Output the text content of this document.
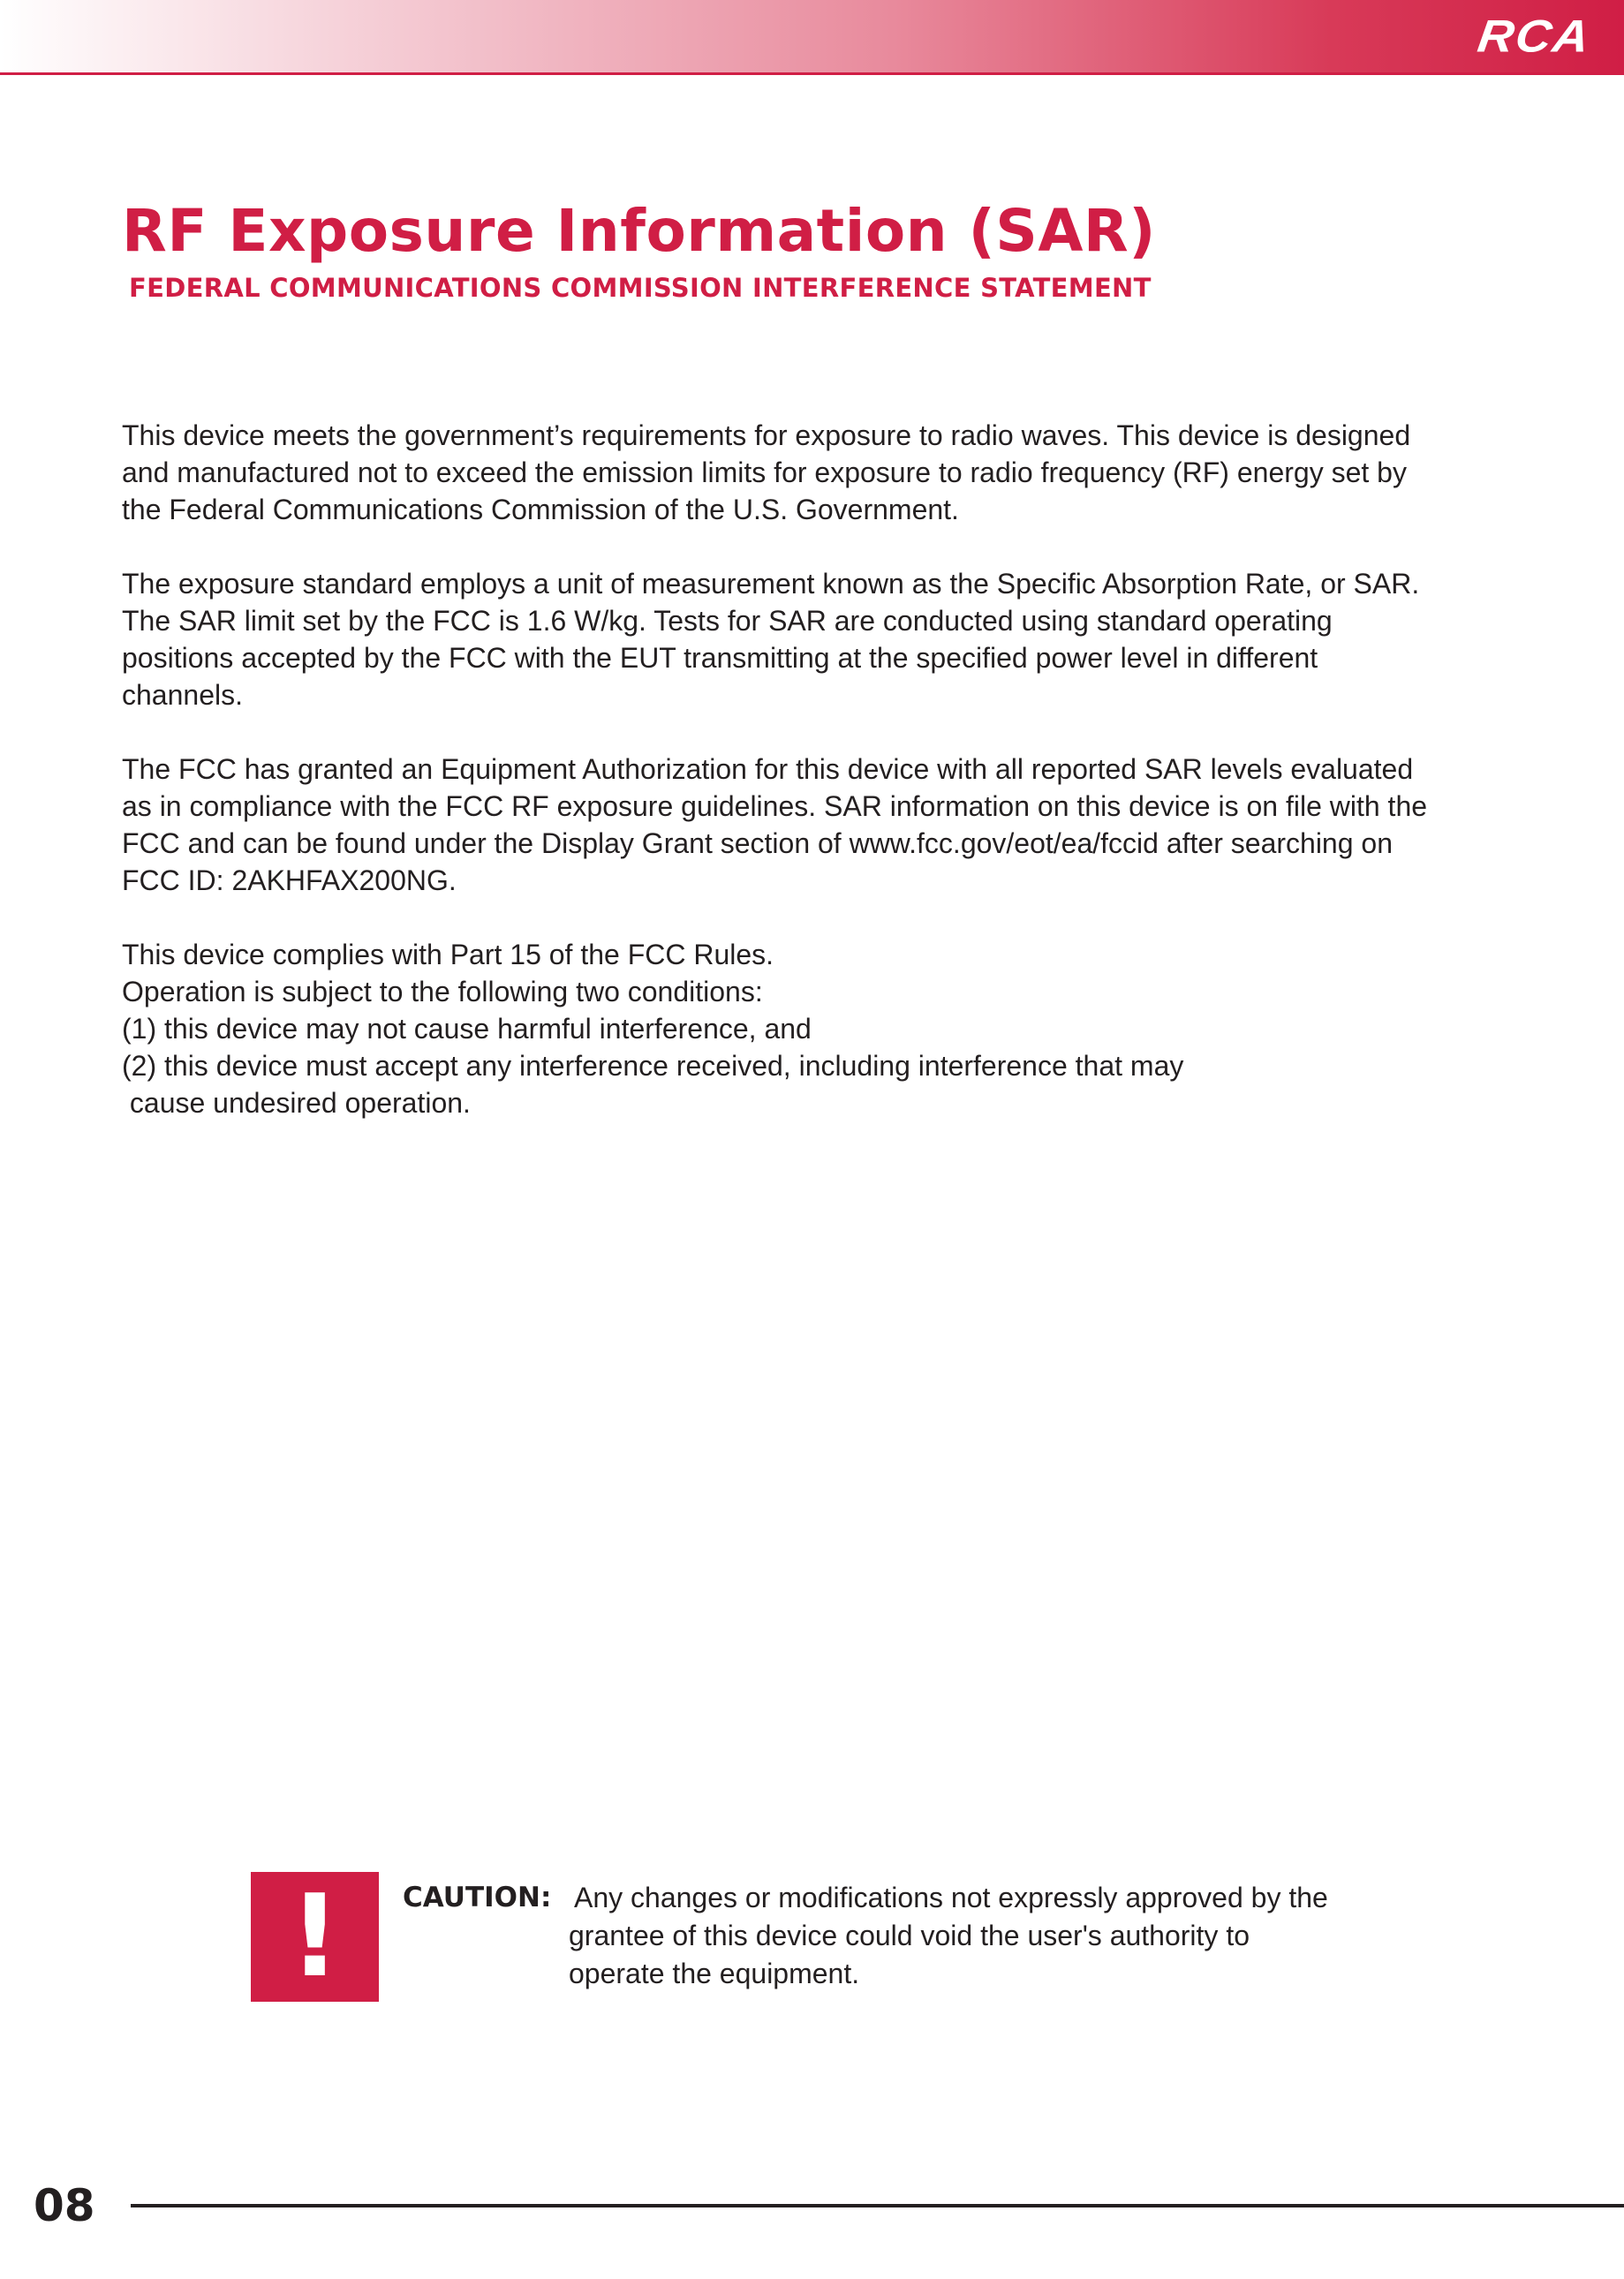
RCA
RF Exposure Information (SAR)
FEDERAL COMMUNICATIONS COMMISSION INTERFERENCE STATEMENT

This device meets the government’s requirements for exposure to radio waves. This device is designed
and manufactured not to exceed the emission limits for exposure to radio frequency (RF) energy set by
the Federal Communications Commission of the U.S. Government.

The exposure standard employs a unit of measurement known as the Specific Absorption Rate, or SAR.
The SAR limit set by the FCC is 1.6 W/kg. Tests for SAR are conducted using standard operating
positions accepted by the FCC with the EUT transmitting at the specified power level in different
channels.

The FCC has granted an Equipment Authorization for this device with all reported SAR levels evaluated
as in compliance with the FCC RF exposure guidelines. SAR information on this device is on file with the
FCC and can be found under the Display Grant section of www.fcc.gov/eot/ea/fccid after searching on
FCC ID: 2AKHFAX200NG.

This device complies with Part 15 of the FCC Rules.
Operation is subject to the following two conditions:
(1) this device may not cause harmful interference, and
(2) this device must accept any interference received, including interference that may
cause undesired operation.

!	CAUTION: Any changes or modifications not expressly approved by the
grantee of this device could void the user's authority to
operate the equipment.
08
